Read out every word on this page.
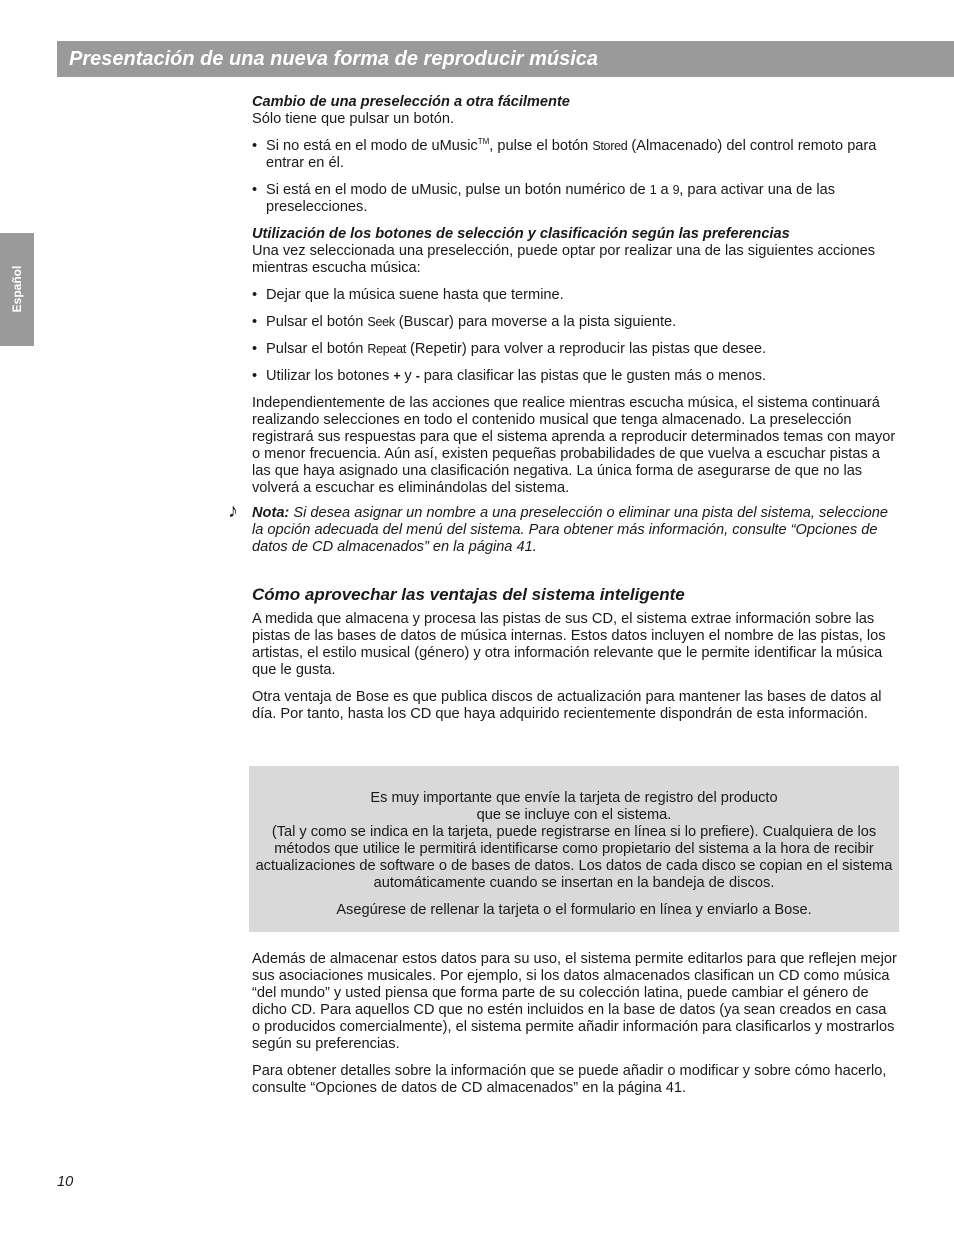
Presentación de una nueva forma de reproducir música
Español

Cambio de una preselección a otra fácilmente

Sólo tiene que pulsar un botón.

• Si no está en el modo de uMusic™, pulse el botón Stored (Almacenado) del control remoto para entrar en él.
• Si está en el modo de uMusic, pulse un botón numérico de 1 a 9, para activar una de las preselecciones.

Utilización de los botones de selección y clasificación según las preferencias

Una vez seleccionada una preselección, puede optar por realizar una de las siguientes acciones mientras escucha música:

• Dejar que la música suene hasta que termine.
• Pulsar el botón Seek (Buscar) para moverse a la pista siguiente.
• Pulsar el botón Repeat (Repetir) para volver a reproducir las pistas que desee.
• Utilizar los botones + y - para clasificar las pistas que le gusten más o menos.

Independientemente de las acciones que realice mientras escucha música, el sistema continuará realizando selecciones en todo el contenido musical que tenga almacenado. La preselección registrará sus respuestas para que el sistema aprenda a reproducir determinados temas con mayor o menor frecuencia. Aún así, existen pequeñas probabilidades de que vuelva a escuchar pistas a las que haya asignado una clasificación negativa. La única forma de asegurarse de que no las volverá a escuchar es eliminándolas del sistema.

♪ Nota: Si desea asignar un nombre a una preselección o eliminar una pista del sistema, seleccione la opción adecuada del menú del sistema. Para obtener más información, consulte “Opciones de datos de CD almacenados” en la página 41.

Cómo aprovechar las ventajas del sistema inteligente

A medida que almacena y procesa las pistas de sus CD, el sistema extrae información sobre las pistas de las bases de datos de música internas. Estos datos incluyen el nombre de las pistas, los artistas, el estilo musical (género) y otra información relevante que le permite identificar la música que le gusta.

Otra ventaja de Bose es que publica discos de actualización para mantener las bases de datos al día. Por tanto, hasta los CD que haya adquirido recientemente dispondrán de esta información.

Es muy importante que envíe la tarjeta de registro del producto

que se incluye con el sistema.

(Tal y como se indica en la tarjeta, puede registrarse en línea si lo prefiere). Cualquiera de los métodos que utilice le permitirá identificarse como propietario del sistema a la hora de recibir actualizaciones de software o de bases de datos. Los datos de cada disco se copian en el sistema automáticamente cuando se insertan en la bandeja de discos.

Asegúrese de rellenar la tarjeta o el formulario en línea y enviarlo a Bose.

Además de almacenar estos datos para su uso, el sistema permite editarlos para que reflejen mejor sus asociaciones musicales. Por ejemplo, si los datos almacenados clasifican un CD como música “del mundo” y usted piensa que forma parte de su colección latina, puede cambiar el género de dicho CD. Para aquellos CD que no estén incluidos en la base de datos (ya sean creados en casa o producidos comercialmente), el sistema permite añadir información para clasificarlos y mostrarlos según su preferencias.

Para obtener detalles sobre la información que se puede añadir o modificar y sobre cómo hacerlo, consulte “Opciones de datos de CD almacenados” en la página 41.

10
